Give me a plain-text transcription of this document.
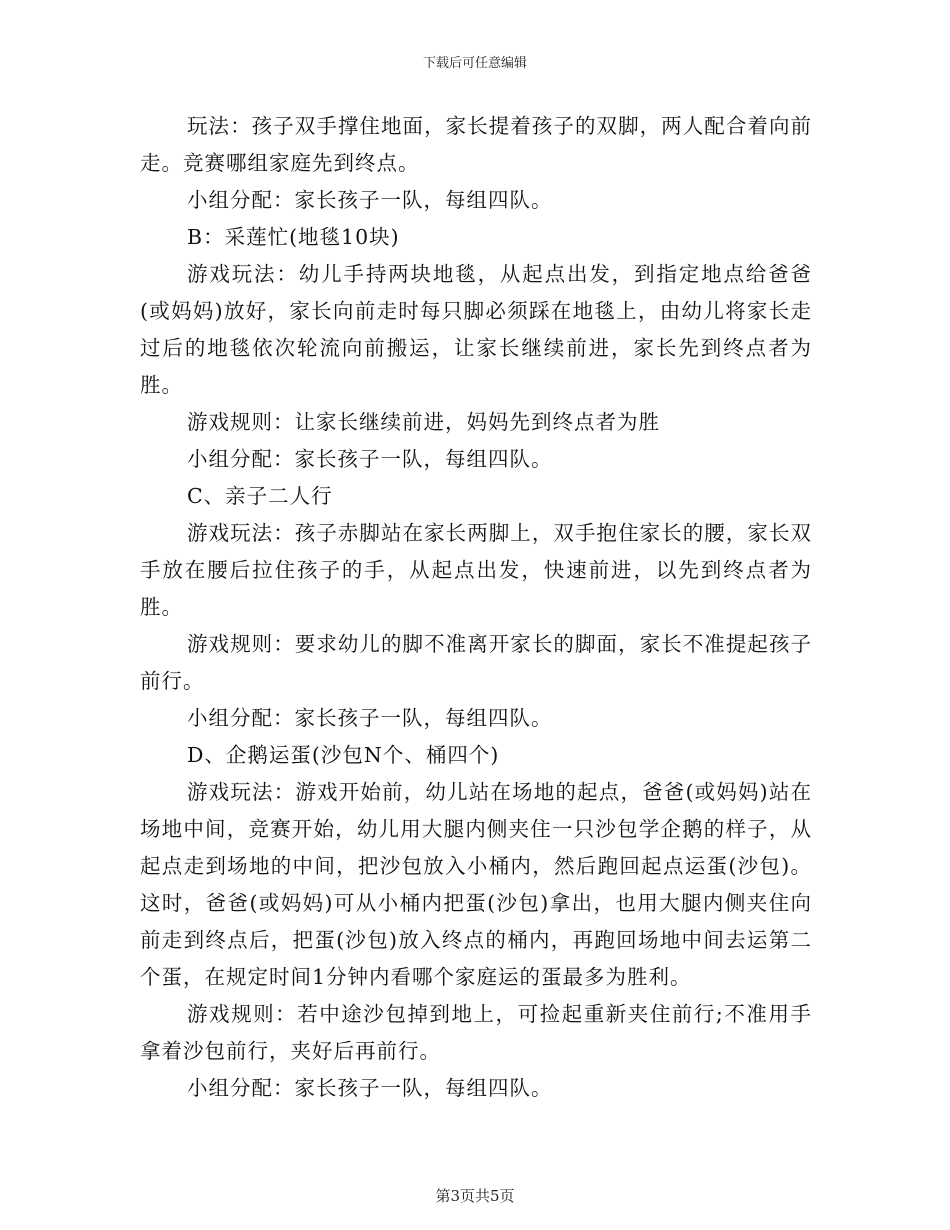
下载后可任意编辑

玩法：孩子双手撑住地面，家长提着孩子的双脚，两人配合着向前走。竞赛哪组家庭先到终点。

小组分配：家长孩子一队，每组四队。

B：采莲忙(地毯10块)

游戏玩法：幼儿手持两块地毯，从起点出发，到指定地点给爸爸(或妈妈)放好，家长向前走时每只脚必须踩在地毯上，由幼儿将家长走过后的地毯依次轮流向前搬运，让家长继续前进，家长先到终点者为胜。

游戏规则：让家长继续前进，妈妈先到终点者为胜

小组分配：家长孩子一队，每组四队。

C、亲子二人行

游戏玩法：孩子赤脚站在家长两脚上，双手抱住家长的腰，家长双手放在腰后拉住孩子的手，从起点出发，快速前进，以先到终点者为胜。

游戏规则：要求幼儿的脚不准离开家长的脚面，家长不准提起孩子前行。

小组分配：家长孩子一队，每组四队。

D、企鹅运蛋(沙包N个、桶四个)

游戏玩法：游戏开始前，幼儿站在场地的起点，爸爸(或妈妈)站在场地中间，竞赛开始，幼儿用大腿内侧夹住一只沙包学企鹅的样子，从起点走到场地的中间，把沙包放入小桶内，然后跑回起点运蛋(沙包)。这时，爸爸(或妈妈)可从小桶内把蛋(沙包)拿出，也用大腿内侧夹住向前走到终点后，把蛋(沙包)放入终点的桶内，再跑回场地中间去运第二个蛋，在规定时间1分钟内看哪个家庭运的蛋最多为胜利。

游戏规则：若中途沙包掉到地上，可捡起重新夹住前行;不准用手拿着沙包前行，夹好后再前行。

小组分配：家长孩子一队，每组四队。

第3页共5页
